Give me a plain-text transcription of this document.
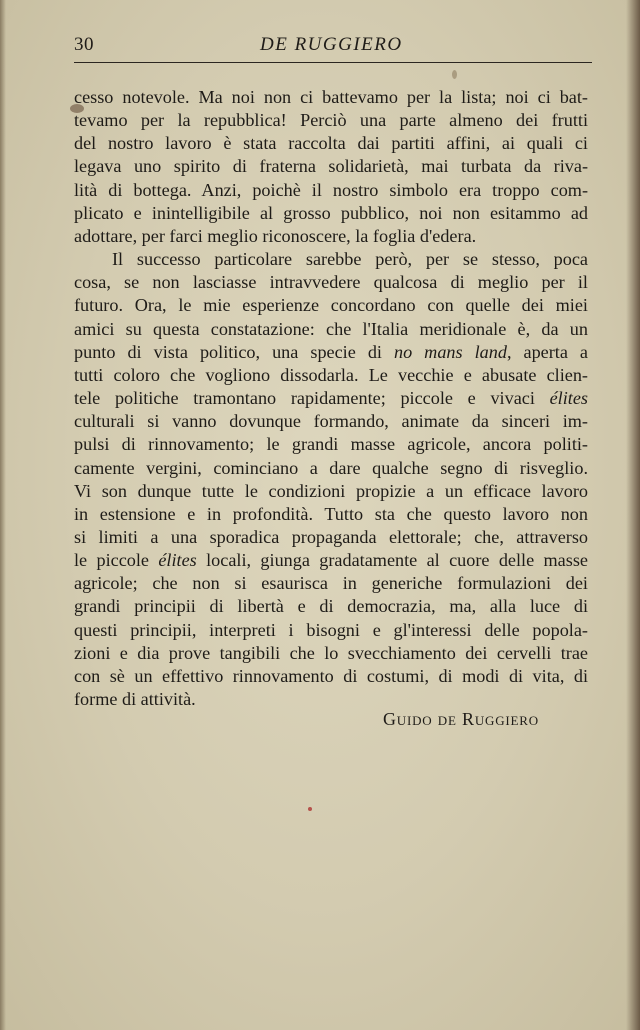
30	DE RUGGIERO
cesso notevole. Ma noi non ci battevamo per la lista; noi ci bat-
tevamo per la repubblica! Perciò una parte almeno dei frutti
del nostro lavoro è stata raccolta dai partiti affini, ai quali ci
legava uno spirito di fraterna solidarietà, mai turbata da riva-
lità di bottega. Anzi, poichè il nostro simbolo era troppo com-
plicato e inintelligibile al grosso pubblico, noi non esitammo ad
adottare, per farci meglio riconoscere, la foglia d'edera.
Il successo particolare sarebbe però, per se stesso, poca
cosa, se non lasciasse intravvedere qualcosa di meglio per il
futuro. Ora, le mie esperienze concordano con quelle dei miei
amici su questa constatazione: che l'Italia meridionale è, da un
punto di vista politico, una specie di no mans land, aperta a
tutti coloro che vogliono dissodarla. Le vecchie e abusate clien-
tele politiche tramontano rapidamente; piccole e vivaci élites
culturali si vanno dovunque formando, animate da sinceri im-
pulsi di rinnovamento; le grandi masse agricole, ancora politi-
camente vergini, cominciano a dare qualche segno di risveglio.
Vi son dunque tutte le condizioni propizie a un efficace lavoro
in estensione e in profondità. Tutto sta che questo lavoro non
si limiti a una sporadica propaganda elettorale; che, attraverso
le piccole élites locali, giunga gradatamente al cuore delle masse
agricole; che non si esaurisca in generiche formulazioni dei
grandi principii di libertà e di democrazia, ma, alla luce di
questi principii, interpreti i bisogni e gl'interessi delle popola-
zioni e dia prove tangibili che lo svecchiamento dei cervelli trae
con sè un effettivo rinnovamento di costumi, di modi di vita, di
forme di attività.
Guido de Ruggiero
